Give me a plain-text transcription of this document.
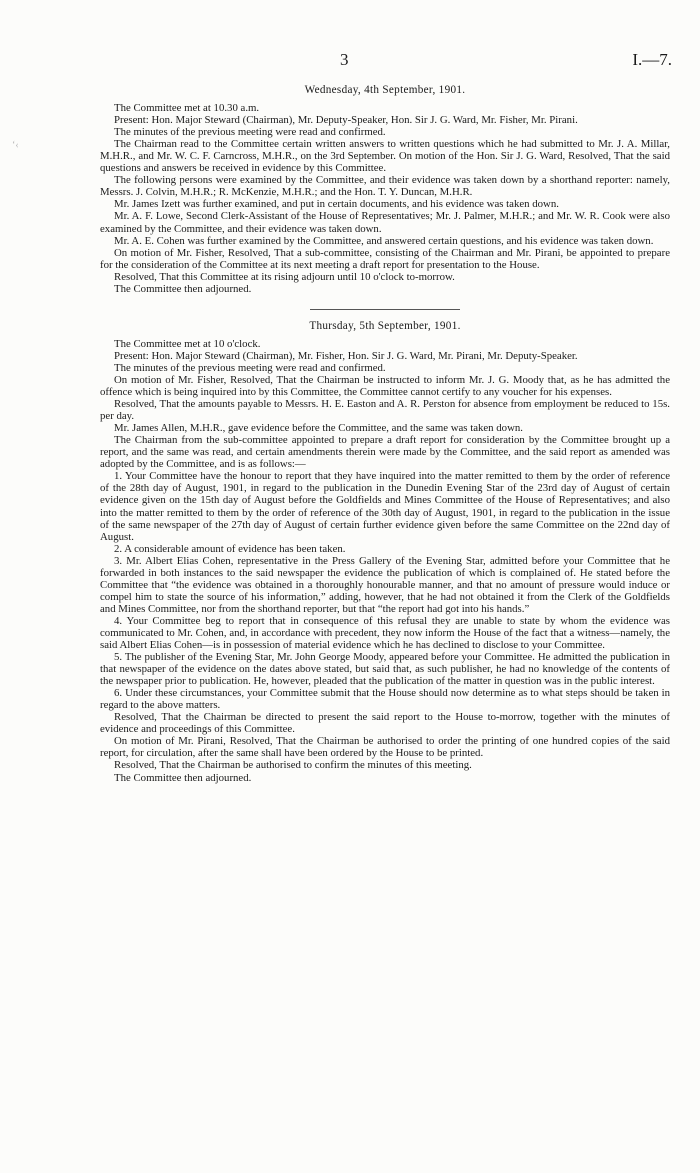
3	I.—7.
‘‹
Wednesday, 4th September, 1901.

The Committee met at 10.30 a.m.

Present: Hon. Major Steward (Chairman), Mr. Deputy-Speaker, Hon. Sir J. G. Ward, Mr. Fisher, Mr. Pirani.

The minutes of the previous meeting were read and confirmed.

The Chairman read to the Committee certain written answers to written questions which he had submitted to Mr. J. A. Millar, M.H.R., and Mr. W. C. F. Carncross, M.H.R., on the 3rd September. On motion of the Hon. Sir J. G. Ward, Resolved, That the said questions and answers be received in evidence by this Committee.

The following persons were examined by the Committee, and their evidence was taken down by a shorthand reporter: namely, Messrs. J. Colvin, M.H.R.; R. McKenzie, M.H.R.; and the Hon. T. Y. Duncan, M.H.R.

Mr. James Izett was further examined, and put in certain documents, and his evidence was taken down.

Mr. A. F. Lowe, Second Clerk-Assistant of the House of Representatives; Mr. J. Palmer, M.H.R.; and Mr. W. R. Cook were also examined by the Committee, and their evidence was taken down.

Mr. A. E. Cohen was further examined by the Committee, and answered certain questions, and his evidence was taken down.

On motion of Mr. Fisher, Resolved, That a sub-committee, consisting of the Chairman and Mr. Pirani, be appointed to prepare for the consideration of the Committee at its next meeting a draft report for presentation to the House.

Resolved, That this Committee at its rising adjourn until 10 o'clock to-morrow.

The Committee then adjourned.

Thursday, 5th September, 1901.

The Committee met at 10 o'clock.

Present: Hon. Major Steward (Chairman), Mr. Fisher, Hon. Sir J. G. Ward, Mr. Pirani, Mr. Deputy-Speaker.

The minutes of the previous meeting were read and confirmed.

On motion of Mr. Fisher, Resolved, That the Chairman be instructed to inform Mr. J. G. Moody that, as he has admitted the offence which is being inquired into by this Committee, the Committee cannot certify to any voucher for his expenses.

Resolved, That the amounts payable to Messrs. H. E. Easton and A. R. Perston for absence from employment be reduced to 15s. per day.

Mr. James Allen, M.H.R., gave evidence before the Committee, and the same was taken down.

The Chairman from the sub-committee appointed to prepare a draft report for consideration by the Committee brought up a report, and the same was read, and certain amendments therein were made by the Committee, and the said report as amended was adopted by the Committee, and is as follows:—

1. Your Committee have the honour to report that they have inquired into the matter remitted to them by the order of reference of the 28th day of August, 1901, in regard to the publication in the Dunedin Evening Star of the 23rd day of August of certain evidence given on the 15th day of August before the Goldfields and Mines Committee of the House of Representatives; and also into the matter remitted to them by the order of reference of the 30th day of August, 1901, in regard to the publication in the issue of the same newspaper of the 27th day of August of certain further evidence given before the same Committee on the 22nd day of August.

2. A considerable amount of evidence has been taken.

3. Mr. Albert Elias Cohen, representative in the Press Gallery of the Evening Star, admitted before your Committee that he forwarded in both instances to the said newspaper the evidence the publication of which is complained of. He stated before the Committee that “the evidence was obtained in a thoroughly honourable manner, and that no amount of pressure would induce or compel him to state the source of his information,” adding, however, that he had not obtained it from the Clerk of the Goldfields and Mines Committee, nor from the shorthand reporter, but that “the report had got into his hands.”

4. Your Committee beg to report that in consequence of this refusal they are unable to state by whom the evidence was communicated to Mr. Cohen, and, in accordance with precedent, they now inform the House of the fact that a witness—namely, the said Albert Elias Cohen—is in possession of material evidence which he has declined to disclose to your Committee.

5. The publisher of the Evening Star, Mr. John George Moody, appeared before your Committee. He admitted the publication in that newspaper of the evidence on the dates above stated, but said that, as such publisher, he had no knowledge of the contents of the newspaper prior to publication. He, however, pleaded that the publication of the matter in question was in the public interest.

6. Under these circumstances, your Committee submit that the House should now determine as to what steps should be taken in regard to the above matters.

Resolved, That the Chairman be directed to present the said report to the House to-morrow, together with the minutes of evidence and proceedings of this Committee.

On motion of Mr. Pirani, Resolved, That the Chairman be authorised to order the printing of one hundred copies of the said report, for circulation, after the same shall have been ordered by the House to be printed.

Resolved, That the Chairman be authorised to confirm the minutes of this meeting.

The Committee then adjourned.
